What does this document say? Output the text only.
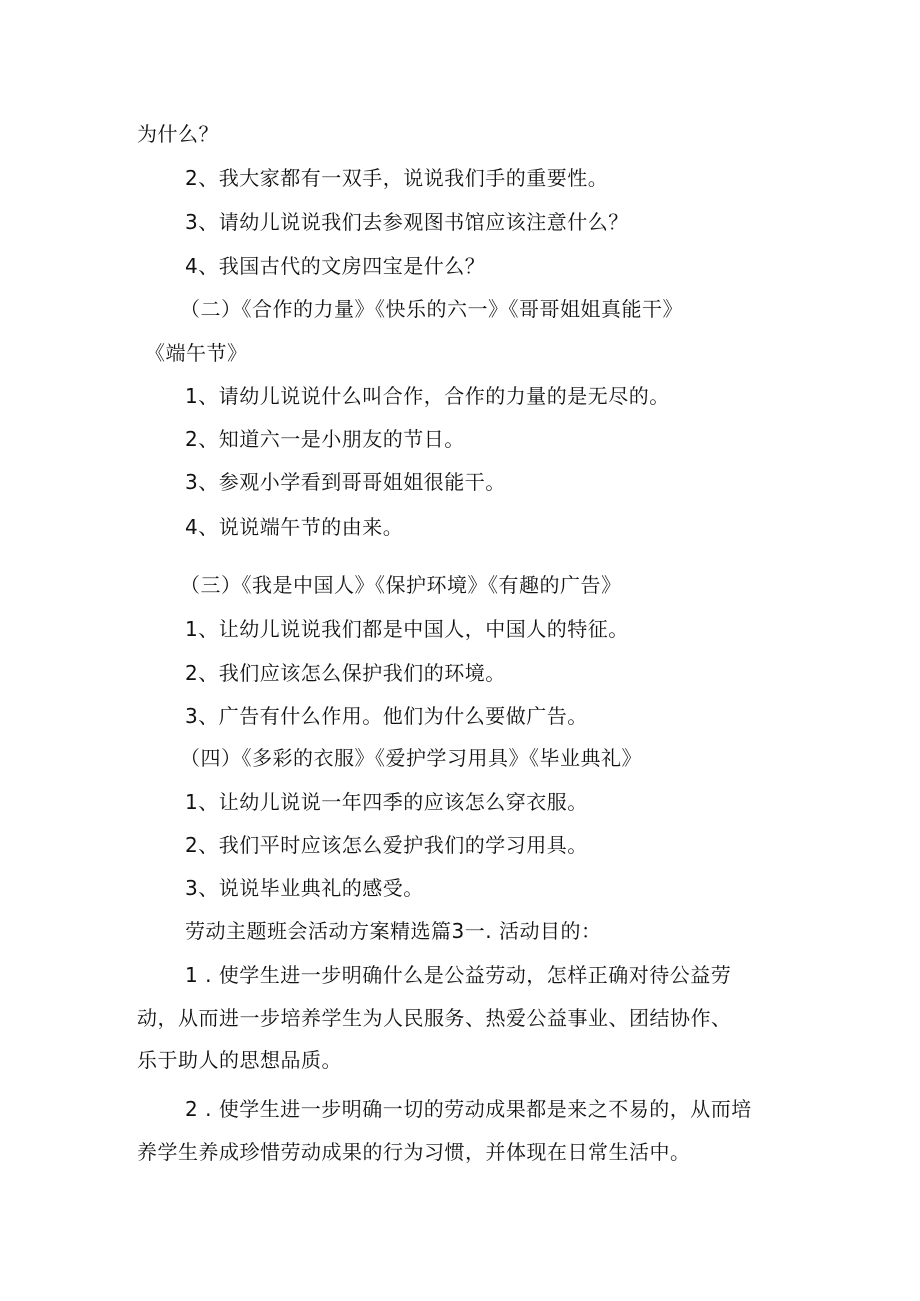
为什么？
2、我大家都有一双手，说说我们手的重要性。
3、请幼儿说说我们去参观图书馆应该注意什么？
4、我国古代的文房四宝是什么？
（二）《合作的力量》《快乐的六一》《哥哥姐姐真能干》
《端午节》
1、请幼儿说说什么叫合作，合作的力量的是无尽的。
2、知道六一是小朋友的节日。
3、参观小学看到哥哥姐姐很能干。
4、说说端午节的由来。
（三）《我是中国人》《保护环境》《有趣的广告》
1、让幼儿说说我们都是中国人，中国人的特征。
2、我们应该怎么保护我们的环境。
3、广告有什么作用。他们为什么要做广告。
（四）《多彩的衣服》《爱护学习用具》《毕业典礼》
1、让幼儿说说一年四季的应该怎么穿衣服。
2、我们平时应该怎么爱护我们的学习用具。
3、说说毕业典礼的感受。
劳动主题班会活动方案精选篇3一. 活动目的：
1 . 使学生进一步明确什么是公益劳动，怎样正确对待公益劳
动，从而进一步培养学生为人民服务、热爱公益事业、团结协作、
乐于助人的思想品质。
2 . 使学生进一步明确一切的劳动成果都是来之不易的，从而培
养学生养成珍惜劳动成果的行为习惯，并体现在日常生活中。
